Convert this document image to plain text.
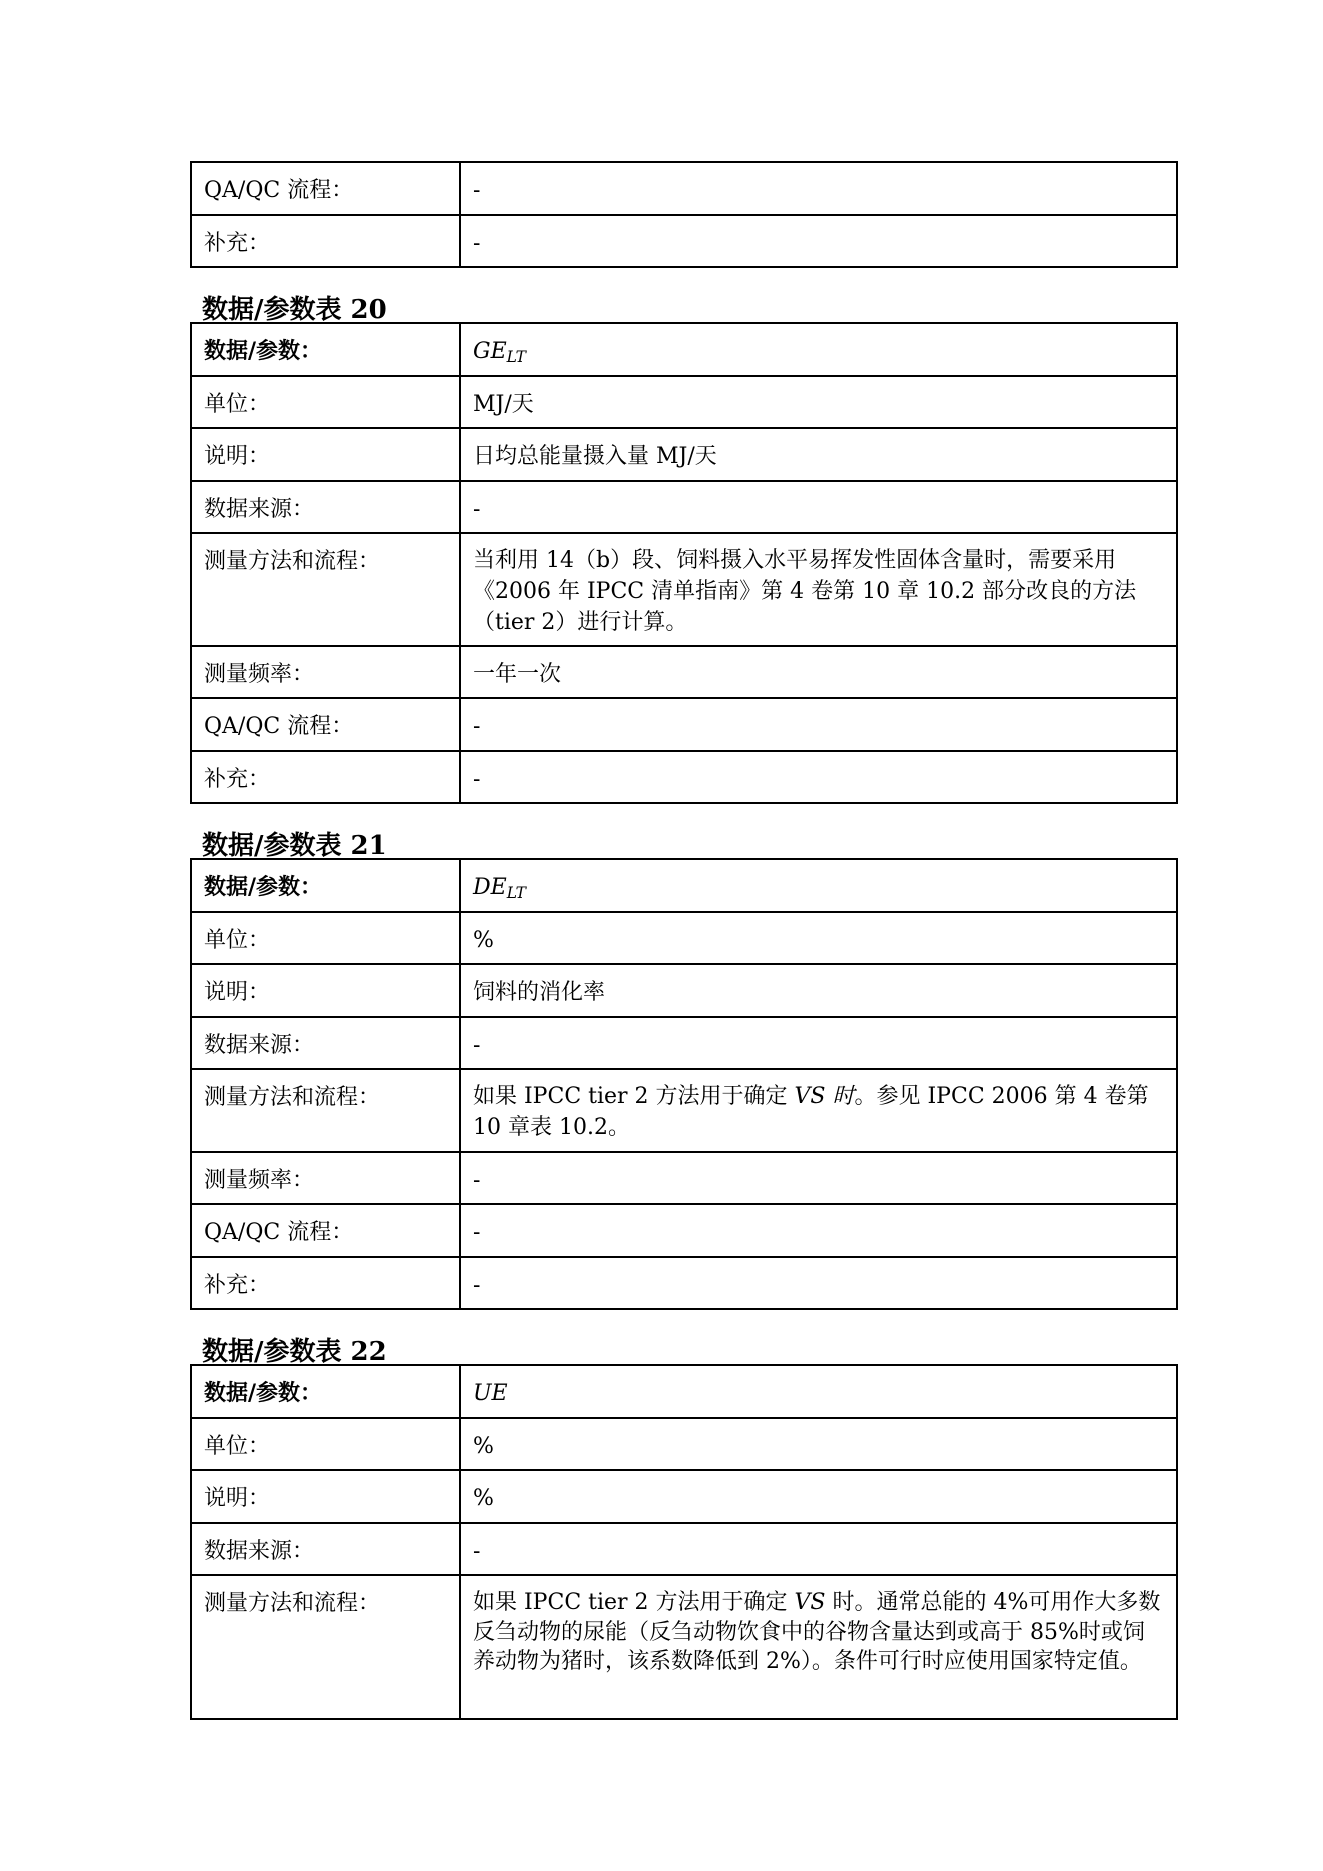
QA/QC 流程：	-
补充：	-
数据/参数表 20
数据/参数：	$GE_{LT}$
单位：	MJ/天
说明：	日均总能量摄入量 MJ/天
数据来源：	-
测量方法和流程：	当利用 14（b）段、饲料摄入水平易挥发性固体含量时，需要采用《2006 年 IPCC 清单指南》第 4 卷第 10 章 10.2 部分改良的方法（tier 2）进行计算。
测量频率：	一年一次
QA/QC 流程：	-
补充：	-
数据/参数表 21
数据/参数：	$DE_{LT}$
单位：	%
说明：	饲料的消化率
数据来源：	-
测量方法和流程：	如果 IPCC tier 2 方法用于确定 VS 时。参见 IPCC 2006 第 4 卷第 10 章表 10.2。
测量频率：	-
QA/QC 流程：	-
补充：	-
数据/参数表 22
数据/参数：	UE
单位：	%
说明：	%
数据来源：	-
测量方法和流程：	如果 IPCC tier 2 方法用于确定 VS 时。通常总能的 4%可用作大多数反刍动物的尿能（反刍动物饮食中的谷物含量达到或高于 85%时或饲养动物为猪时，该系数降低到 2%）。条件可行时应使用国家特定值。
